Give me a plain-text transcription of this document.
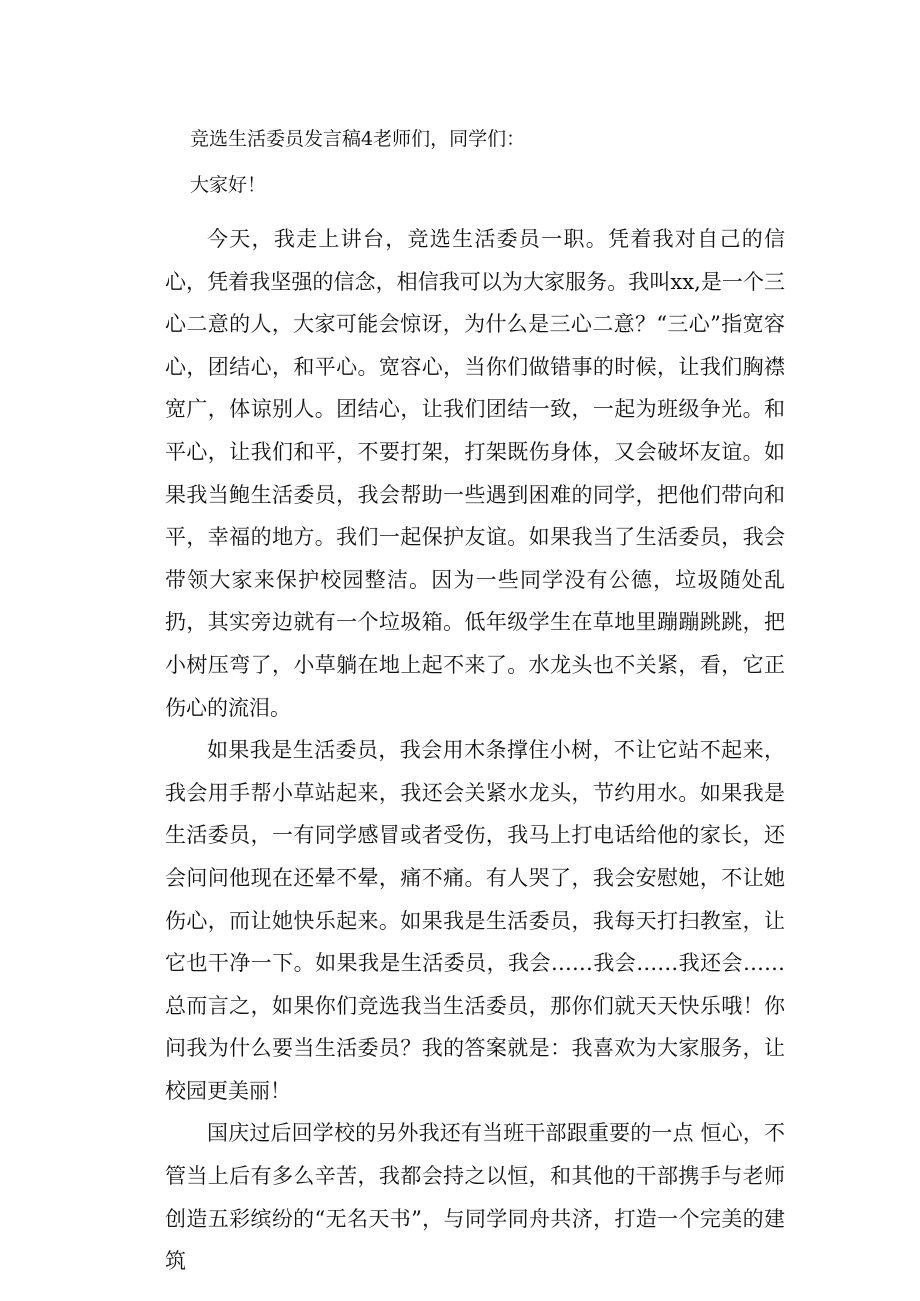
竞选生活委员发言稿4老师们，同学们：
大家好！

今天，我走上讲台，竞选生活委员一职。凭着我对自己的信心，凭着我坚强的信念，相信我可以为大家服务。我叫xx,是一个三心二意的人，大家可能会惊讶，为什么是三心二意？“三心”指宽容心，团结心，和平心。宽容心，当你们做错事的时候，让我们胸襟宽广，体谅别人。团结心，让我们团结一致，一起为班级争光。和平心，让我们和平，不要打架，打架既伤身体，又会破坏友谊。如果我当鲍生活委员，我会帮助一些遇到困难的同学，把他们带向和平，幸福的地方。我们一起保护友谊。如果我当了生活委员，我会带领大家来保护校园整洁。因为一些同学没有公德，垃圾随处乱扔，其实旁边就有一个垃圾箱。低年级学生在草地里蹦蹦跳跳，把小树压弯了，小草躺在地上起不来了。水龙头也不关紧，看，它正伤心的流泪。

如果我是生活委员，我会用木条撑住小树，不让它站不起来，我会用手帮小草站起来，我还会关紧水龙头，节约用水。如果我是生活委员，一有同学感冒或者受伤，我马上打电话给他的家长，还会问问他现在还晕不晕，痛不痛。有人哭了，我会安慰她，不让她伤心，而让她快乐起来。如果我是生活委员，我每天打扫教室，让它也干净一下。如果我是生活委员，我会……我会……我还会……总而言之，如果你们竞选我当生活委员，那你们就天天快乐哦！你问我为什么要当生活委员？我的答案就是：我喜欢为大家服务，让校园更美丽！

国庆过后回学校的另外我还有当班干部跟重要的一点 恒心，不管当上后有多么辛苦，我都会持之以恒，和其他的干部携手与老师创造五彩缤纷的“无名天书”，与同学同舟共济，打造一个完美的建筑
